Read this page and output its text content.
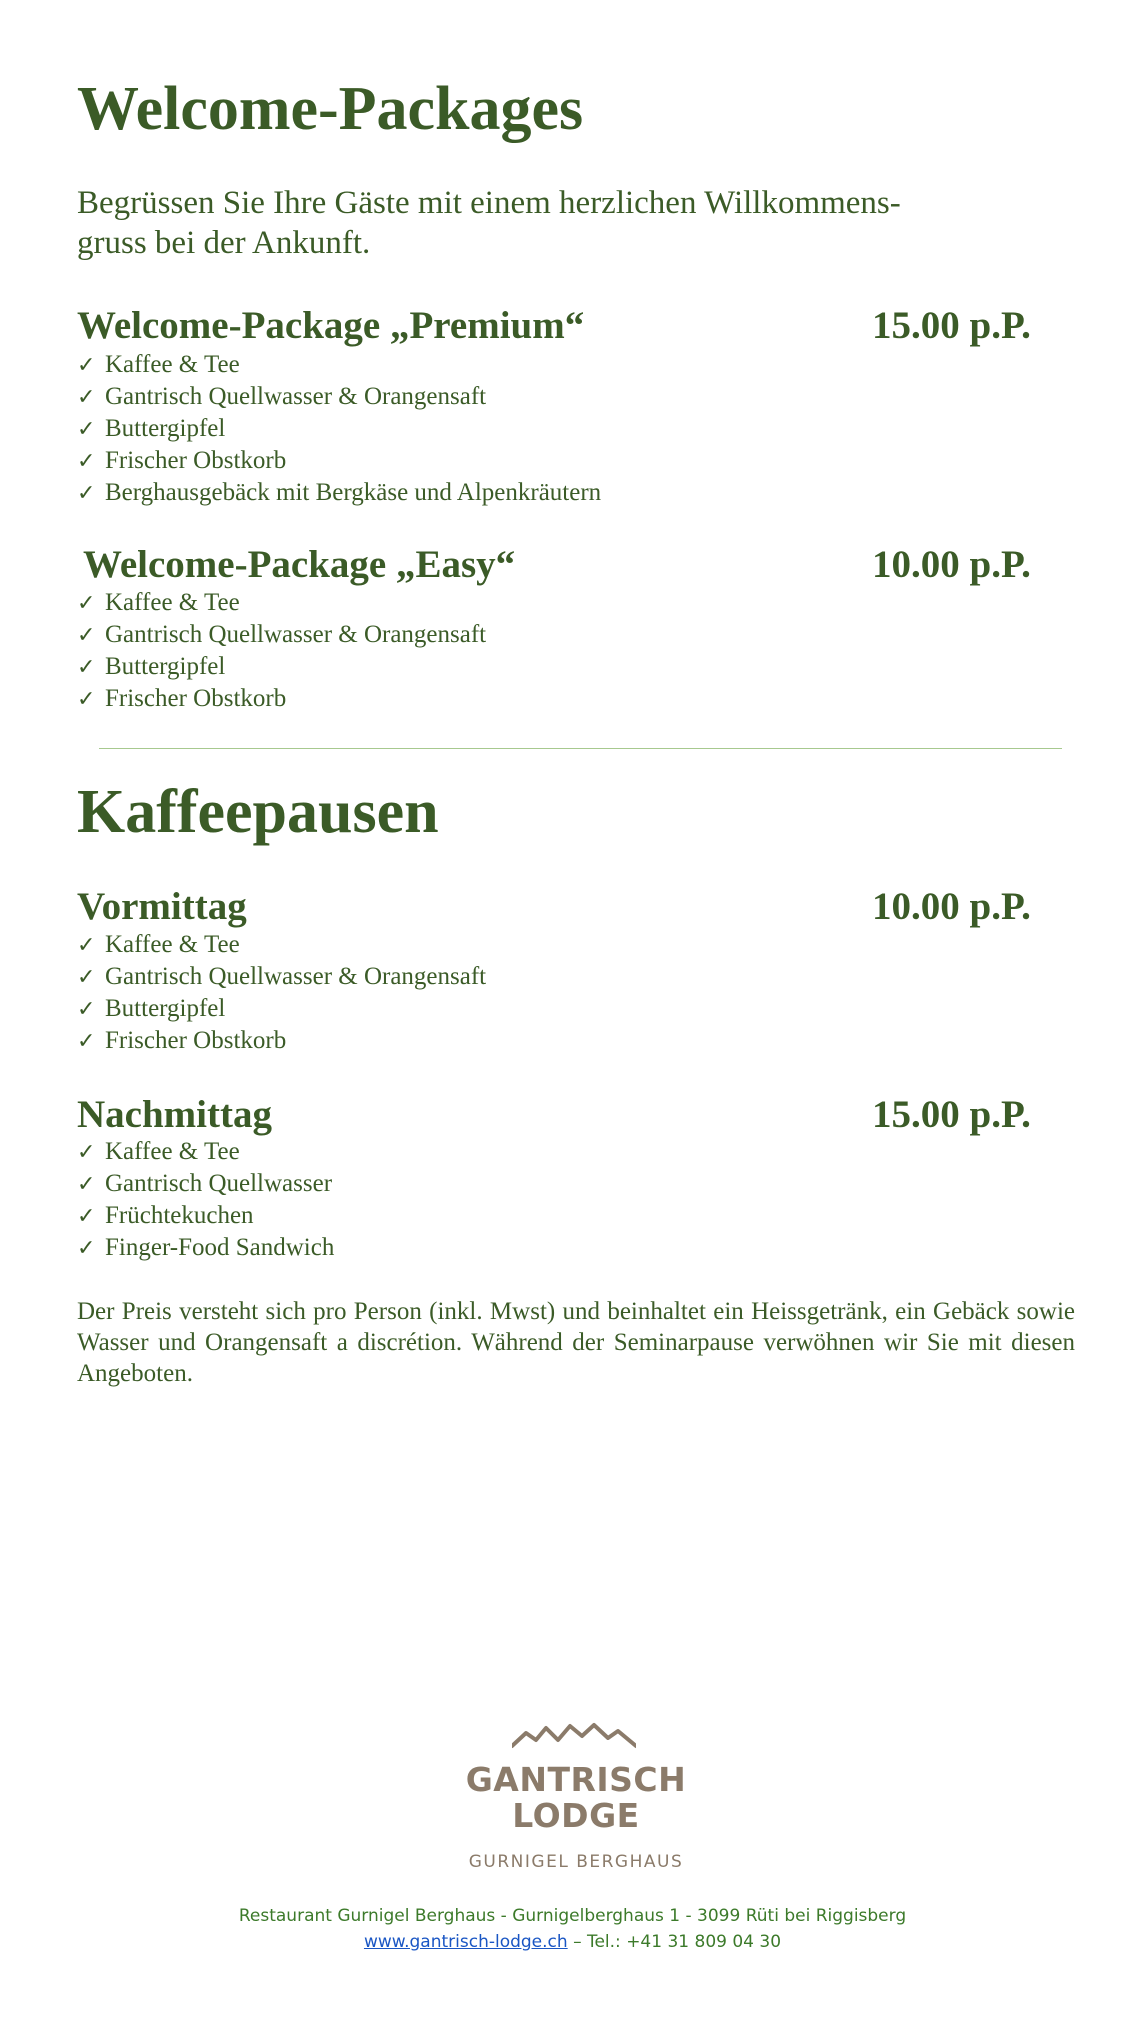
Welcome-Packages
Begrüssen Sie Ihre Gäste mit einem herzlichen Willkommens-
gruss bei der Ankunft.
Welcome-Package „Premium“	15.00 p.P.
✓ Kaffee & Tee
✓ Gantrisch Quellwasser & Orangensaft
✓ Buttergipfel
✓ Frischer Obstkorb
✓ Berghausgebäck mit Bergkäse und Alpenkräutern
Welcome-Package „Easy“	10.00 p.P.
✓ Kaffee & Tee
✓ Gantrisch Quellwasser & Orangensaft
✓ Buttergipfel
✓ Frischer Obstkorb
Kaffeepausen
Vormittag	10.00 p.P.
✓ Kaffee & Tee
✓ Gantrisch Quellwasser & Orangensaft
✓ Buttergipfel
✓ Frischer Obstkorb
Nachmittag	15.00 p.P.
✓ Kaffee & Tee
✓ Gantrisch Quellwasser
✓ Früchtekuchen
✓ Finger-Food Sandwich
Der Preis versteht sich pro Person (inkl. Mwst) und beinhaltet ein Heissgetränk, ein Gebäck sowie Wasser und Orangensaft a discrétion. Während der Seminarpause verwöhnen wir Sie mit diesen Angeboten.
GANTRISCH
LODGE
GURNIGEL BERGHAUS
Restaurant Gurnigel Berghaus - Gurnigelberghaus 1 - 3099 Rüti bei Riggisberg
www.gantrisch-lodge.ch – Tel.: +41 31 809 04 30
